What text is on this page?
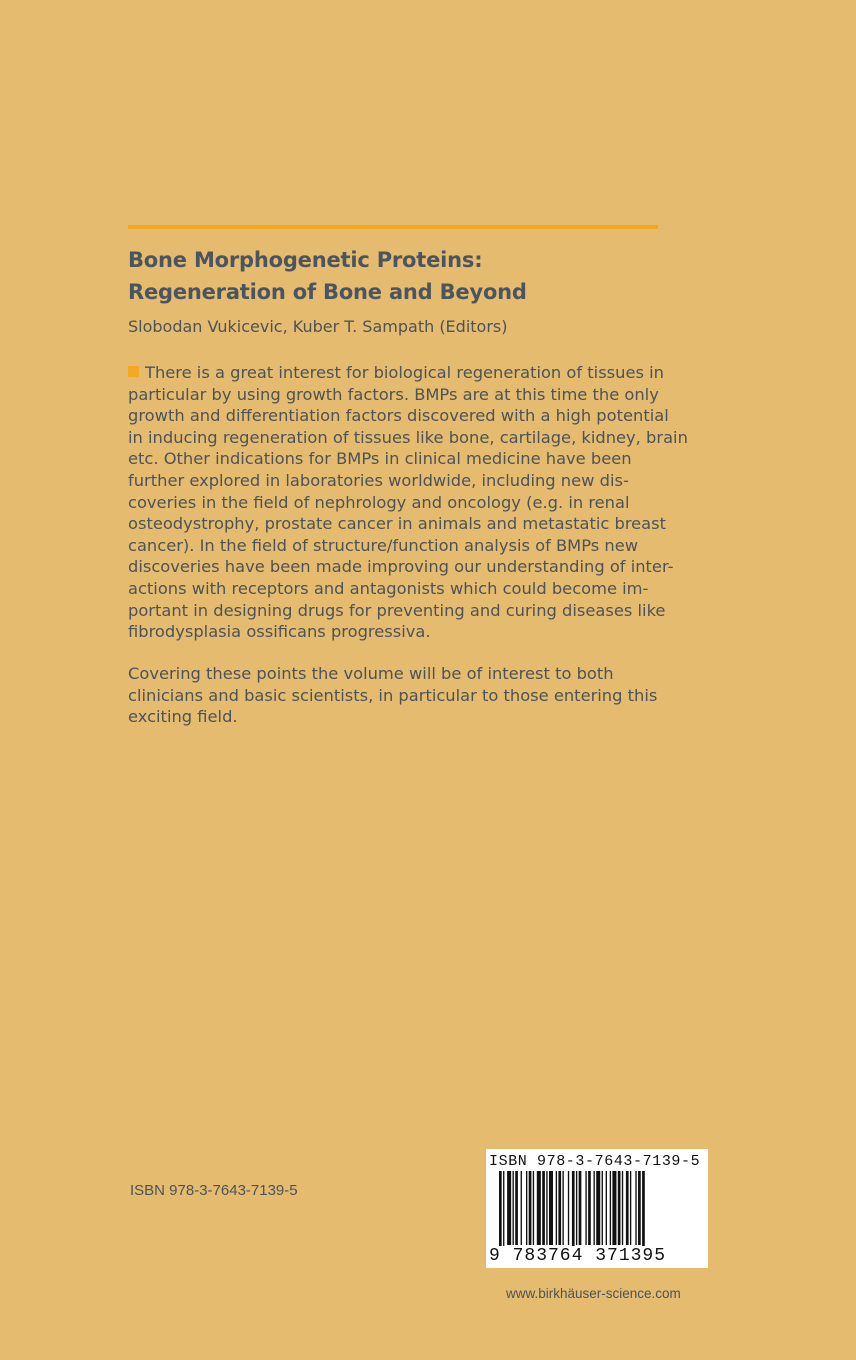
Bone Morphogenetic Proteins:
Regeneration of Bone and Beyond

Slobodan Vukicevic, Kuber T. Sampath (Editors)

There is a great interest for biological regeneration of tissues in
particular by using growth factors. BMPs are at this time the only
growth and differentiation factors discovered with a high potential
in inducing regeneration of tissues like bone, cartilage, kidney, brain
etc. Other indications for BMPs in clinical medicine have been
further explored in laboratories worldwide, including new dis-
coveries in the field of nephrology and oncology (e.g. in renal
osteodystrophy, prostate cancer in animals and metastatic breast
cancer). In the field of structure/function analysis of BMPs new
discoveries have been made improving our understanding of inter-
actions with receptors and antagonists which could become im-
portant in designing drugs for preventing and curing diseases like
fibrodysplasia ossificans progressiva.

Covering these points the volume will be of interest to both
clinicians and basic scientists, in particular to those entering this
exciting field.

ISBN 978-3-7643-7139-5

ISBN 978-3-7643-7139-5
9 783764 371395

www.birkhäuser-science.com
